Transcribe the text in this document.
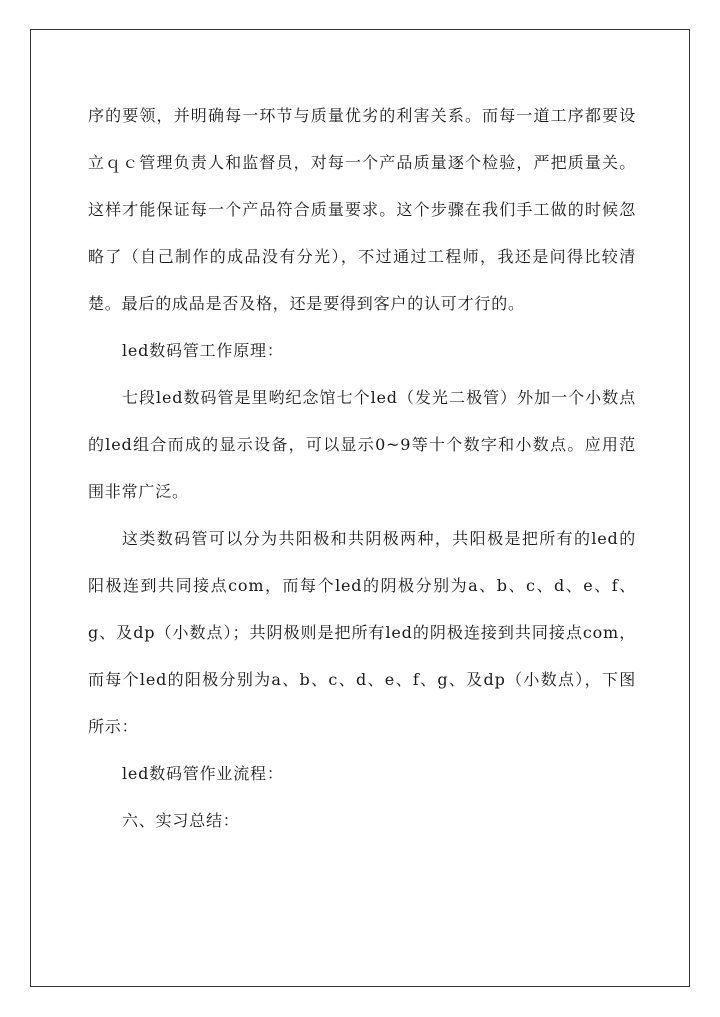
序的要领，并明确每一环节与质量优劣的利害关系。而每一道工序都要设立ｑｃ管理负责人和监督员，对每一个产品质量逐个检验，严把质量关。这样才能保证每一个产品符合质量要求。这个步骤在我们手工做的时候忽略了（自己制作的成品没有分光），不过通过工程师，我还是问得比较清楚。最后的成品是否及格，还是要得到客户的认可才行的。

led数码管工作原理：

七段led数码管是里哟纪念馆七个led（发光二极管）外加一个小数点的led组合而成的显示设备，可以显示0~9等十个数字和小数点。应用范围非常广泛。

这类数码管可以分为共阳极和共阴极两种，共阳极是把所有的led的阳极连到共同接点com，而每个led的阴极分别为a、b、c、d、e、f、g、及dp（小数点）；共阴极则是把所有led的阴极连接到共同接点com，而每个led的阳极分别为a、b、c、d、e、f、g、及dp（小数点），下图所示：

led数码管作业流程：

六、实习总结：
